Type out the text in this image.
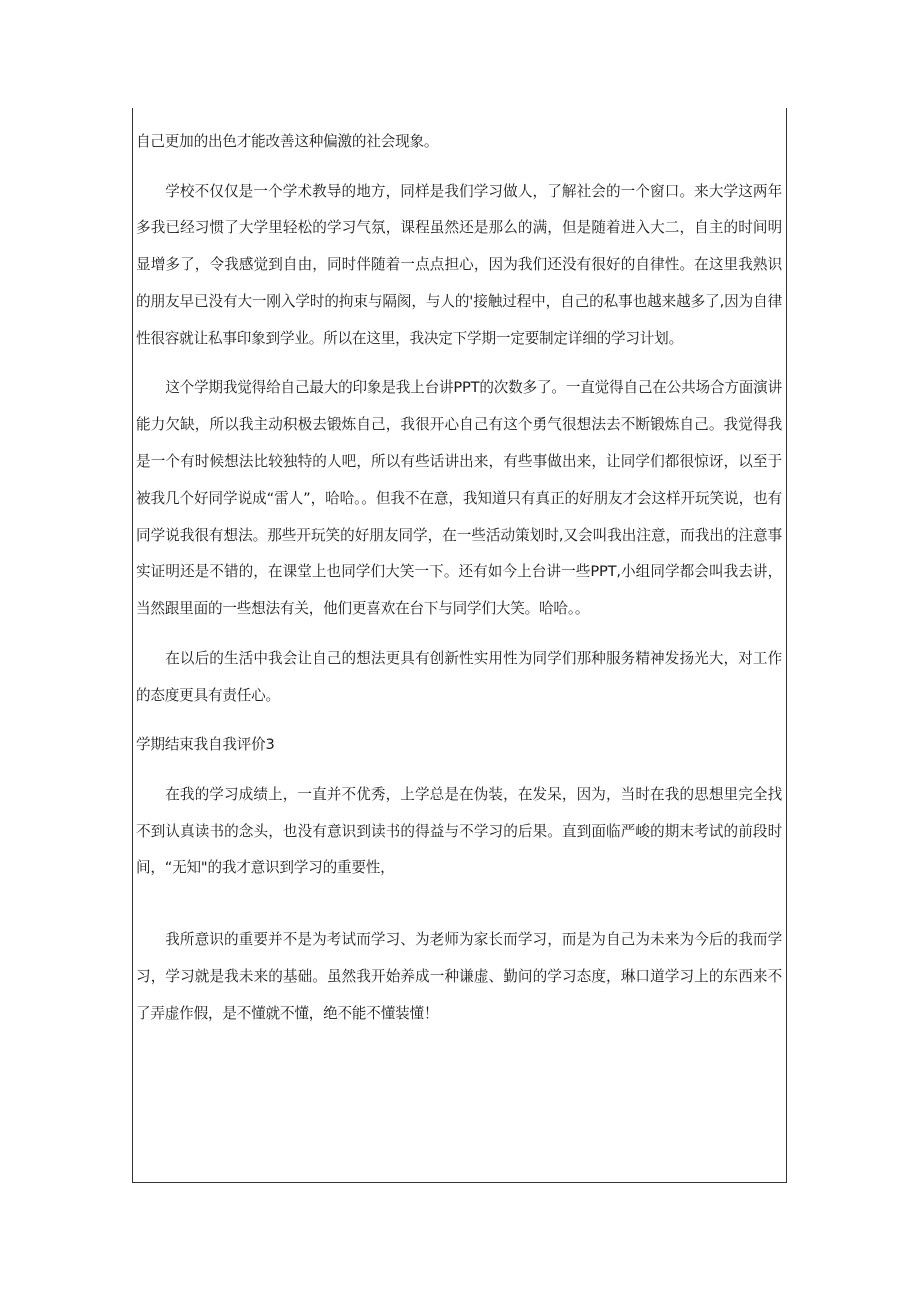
自己更加的出色才能改善这种偏激的社会现象。

学校不仅仅是一个学术教导的地方，同样是我们学习做人，了解社会的一个窗口。来大学这两年多我已经习惯了大学里轻松的学习气氛，课程虽然还是那么的满，但是随着进入大二，自主的时间明显增多了，令我感觉到自由，同时伴随着一点点担心，因为我们还没有很好的自律性。在这里我熟识的朋友早已没有大一刚入学时的拘束与隔阂，与人的'接触过程中，自己的私事也越来越多了,因为自律性很容就让私事印象到学业。所以在这里，我决定下学期一定要制定详细的学习计划。

这个学期我觉得给自己最大的印象是我上台讲PPT的次数多了。一直觉得自己在公共场合方面演讲能力欠缺，所以我主动积极去锻炼自己，我很开心自己有这个勇气很想法去不断锻炼自己。我觉得我是一个有时候想法比较独特的人吧，所以有些话讲出来，有些事做出来，让同学们都很惊讶，以至于被我几个好同学说成“雷人”，哈哈。。但我不在意，我知道只有真正的好朋友才会这样开玩笑说，也有同学说我很有想法。那些开玩笑的好朋友同学，在一些活动策划时,又会叫我出注意，而我出的注意事实证明还是不错的，在课堂上也同学们大笑一下。还有如今上台讲一些PPT,小组同学都会叫我去讲，当然跟里面的一些想法有关，他们更喜欢在台下与同学们大笑。哈哈。。

在以后的生活中我会让自己的想法更具有创新性实用性为同学们那种服务精神发扬光大，对工作的态度更具有责任心。

学期结束我自我评价3

在我的学习成绩上，一直并不优秀，上学总是在伪装，在发呆，因为，当时在我的思想里完全找不到认真读书的念头，也没有意识到读书的得益与不学习的后果。直到面临严峻的期末考试的前段时间，“无知"的我才意识到学习的重要性，

我所意识的重要并不是为考试而学习、为老师为家长而学习，而是为自己为未来为今后的我而学习，学习就是我未来的基础。虽然我开始养成一种谦虚、勤问的学习态度，琳口道学习上的东西来不了弄虚作假，是不懂就不懂，绝不能不懂装懂！
